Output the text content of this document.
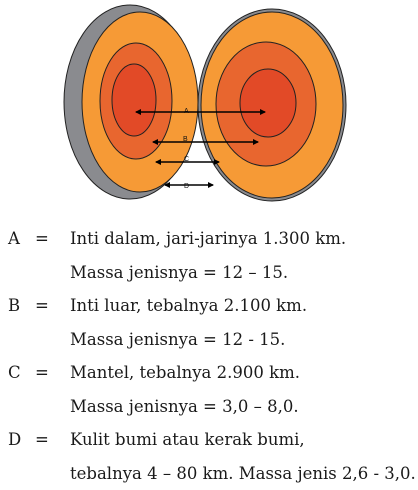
A
B
C
D
A = Inti dalam, jari-jarinya 1.300 km.
Massa jenisnya = 12 – 15.
B = Inti luar, tebalnya 2.100 km.
Massa jenisnya = 12 - 15.
C = Mantel, tebalnya 2.900 km.
Massa jenisnya = 3,0 – 8,0.
D = Kulit bumi atau kerak bumi,
tebalnya 4 – 80 km. Massa jenis 2,6 - 3,0.
